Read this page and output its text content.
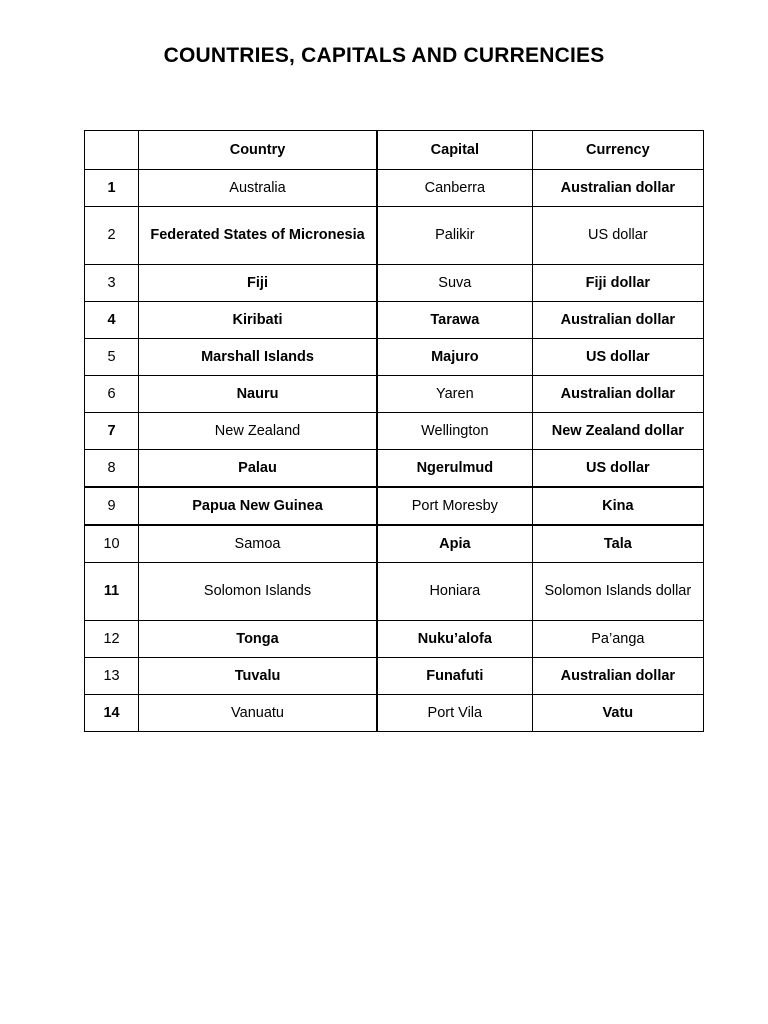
COUNTRIES, CAPITALS AND CURRENCIES
	Country	Capital	Currency
1	Australia	Canberra	Australian dollar
2	Federated States of Micronesia	Palikir	US dollar
3	Fiji	Suva	Fiji dollar
4	Kiribati	Tarawa	Australian dollar
5	Marshall Islands	Majuro	US dollar
6	Nauru	Yaren	Australian dollar
7	New Zealand	Wellington	New Zealand dollar
8	Palau	Ngerulmud	US dollar
9	Papua New Guinea	Port Moresby	Kina
10	Samoa	Apia	Tala
11	Solomon Islands	Honiara	Solomon Islands dollar
12	Tonga	Nuku’alofa	Pa’anga
13	Tuvalu	Funafuti	Australian dollar
14	Vanuatu	Port Vila	Vatu
